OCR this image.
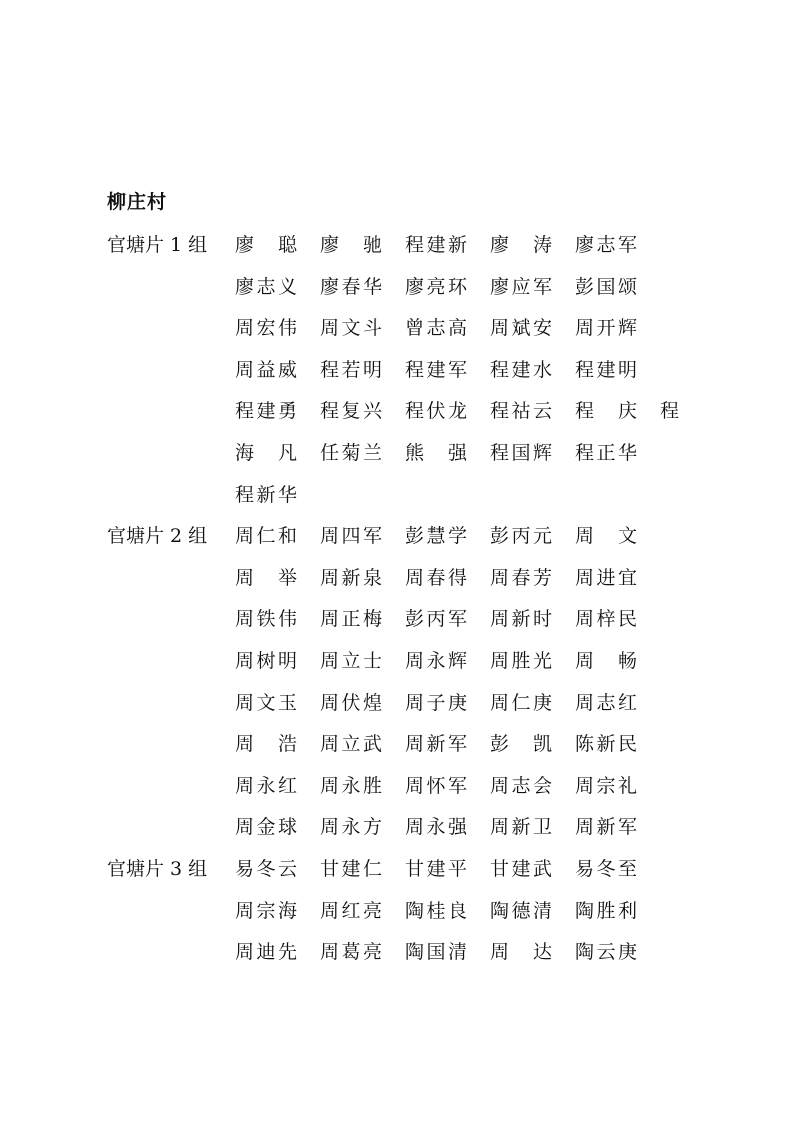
柳庄村
官塘片 1 组 廖聪 廖驰 程建新 廖涛 廖志军
廖志义 廖春华 廖亮环 廖应军 彭国颂
周宏伟 周文斗 曾志高 周斌安 周开辉
周益威 程若明 程建军 程建水 程建明
程建勇 程复兴 程伏龙 程祜云 程庆 程
海凡 任菊兰 熊强 程国辉 程正华
程新华
官塘片 2 组 周仁和 周四军 彭慧学 彭丙元 周文
周举 周新泉 周春得 周春芳 周进宜
周铁伟 周正梅 彭丙军 周新时 周梓民
周树明 周立士 周永辉 周胜光 周畅
周文玉 周伏煌 周子庚 周仁庚 周志红
周浩 周立武 周新军 彭凯 陈新民
周永红 周永胜 周怀军 周志会 周宗礼
周金球 周永方 周永强 周新卫 周新军
官塘片 3 组 易冬云 甘建仁 甘建平 甘建武 易冬至
周宗海 周红亮 陶桂良 陶德清 陶胜利
周迪先 周葛亮 陶国清 周达 陶云庚
